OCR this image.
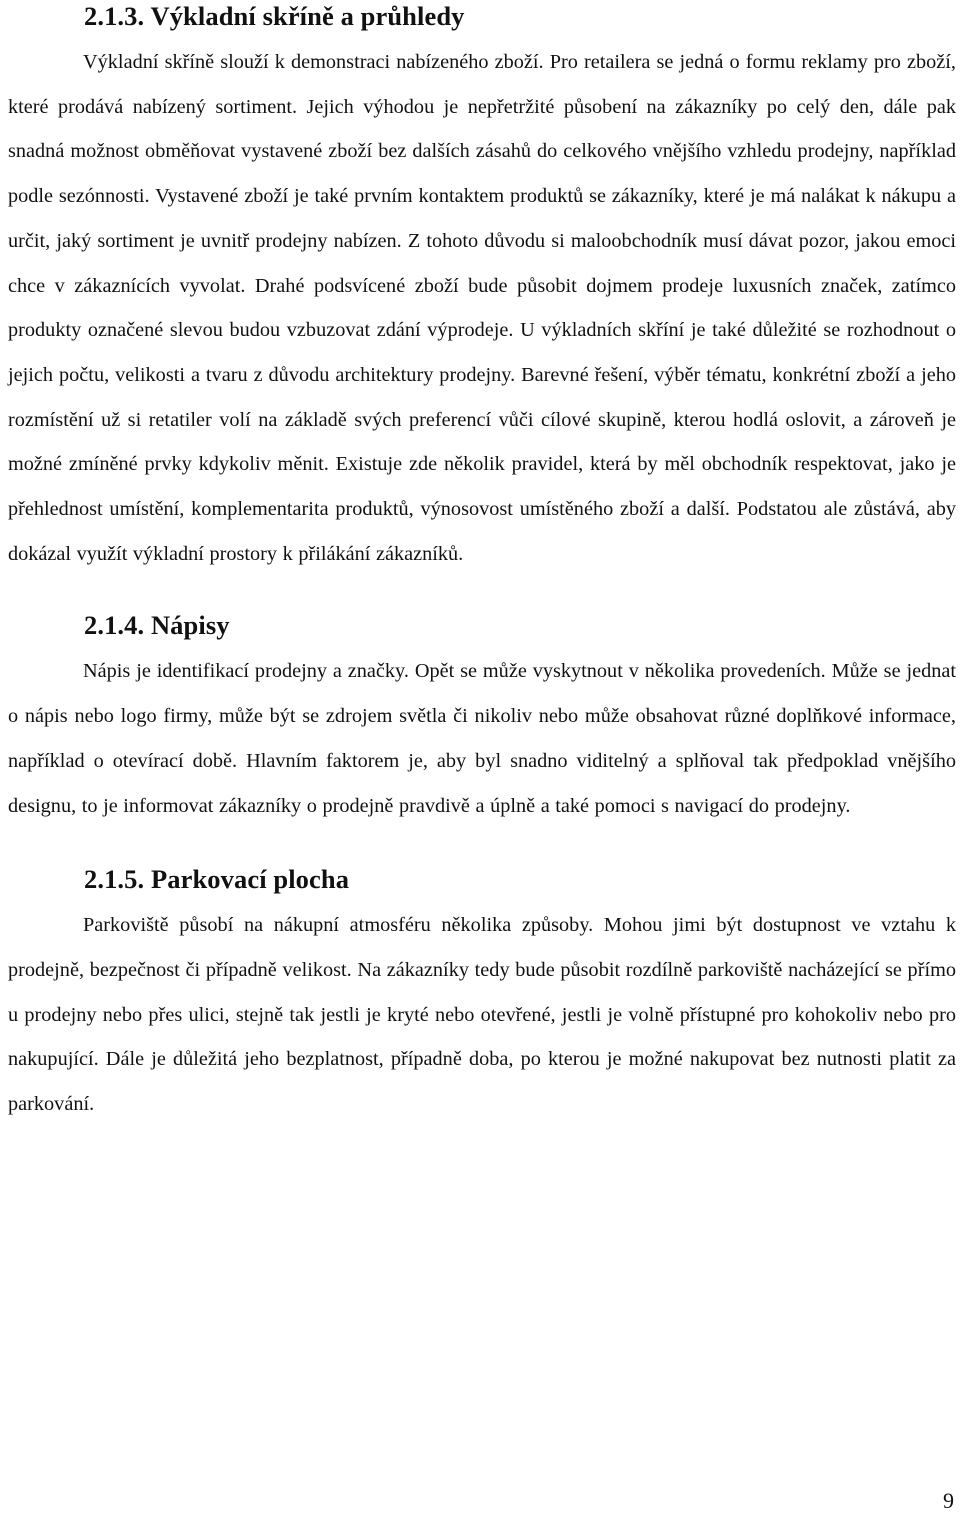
2.1.3. Výkladní skříně a průhledy

Výkladní skříně slouží k demonstraci nabízeného zboží. Pro retailera se jedná o formu reklamy pro zboží, které prodává nabízený sortiment. Jejich výhodou je nepřetržité působení na zákazníky po celý den, dále pak snadná možnost obměňovat vystavené zboží bez dalších zásahů do celkového vnějšího vzhledu prodejny, například podle sezónnosti. Vystavené zboží je také prvním kontaktem produktů se zákazníky, které je má nalákat k nákupu a určit, jaký sortiment je uvnitř prodejny nabízen. Z tohoto důvodu si maloobchodník musí dávat pozor, jakou emoci chce v zákaznících vyvolat. Drahé podsvícené zboží bude působit dojmem prodeje luxusních značek, zatímco produkty označené slevou budou vzbuzovat zdání výprodeje. U výkladních skříní je také důležité se rozhodnout o jejich počtu, velikosti a tvaru z důvodu architektury prodejny. Barevné řešení, výběr tématu, konkrétní zboží a jeho rozmístění už si retatiler volí na základě svých preferencí vůči cílové skupině, kterou hodlá oslovit, a zároveň je možné zmíněné prvky kdykoliv měnit. Existuje zde několik pravidel, která by měl obchodník respektovat, jako je přehlednost umístění, komplementarita produktů, výnosovost umístěného zboží a další. Podstatou ale zůstává, aby dokázal využít výkladní prostory k přilákání zákazníků.

2.1.4. Nápisy

Nápis je identifikací prodejny a značky. Opět se může vyskytnout v několika provedeních. Může se jednat o nápis nebo logo firmy, může být se zdrojem světla či nikoliv nebo může obsahovat různé doplňkové informace, například o otevírací době. Hlavním faktorem je, aby byl snadno viditelný a splňoval tak předpoklad vnějšího designu, to je informovat zákazníky o prodejně pravdivě a úplně a také pomoci s navigací do prodejny.

2.1.5. Parkovací plocha

Parkoviště působí na nákupní atmosféru několika způsoby. Mohou jimi být dostupnost ve vztahu k prodejně, bezpečnost či případně velikost. Na zákazníky tedy bude působit rozdílně parkoviště nacházející se přímo u prodejny nebo přes ulici, stejně tak jestli je kryté nebo otevřené, jestli je volně přístupné pro kohokoliv nebo pro nakupující. Dále je důležitá jeho bezplatnost, případně doba, po kterou je možné nakupovat bez nutnosti platit za parkování.

9
